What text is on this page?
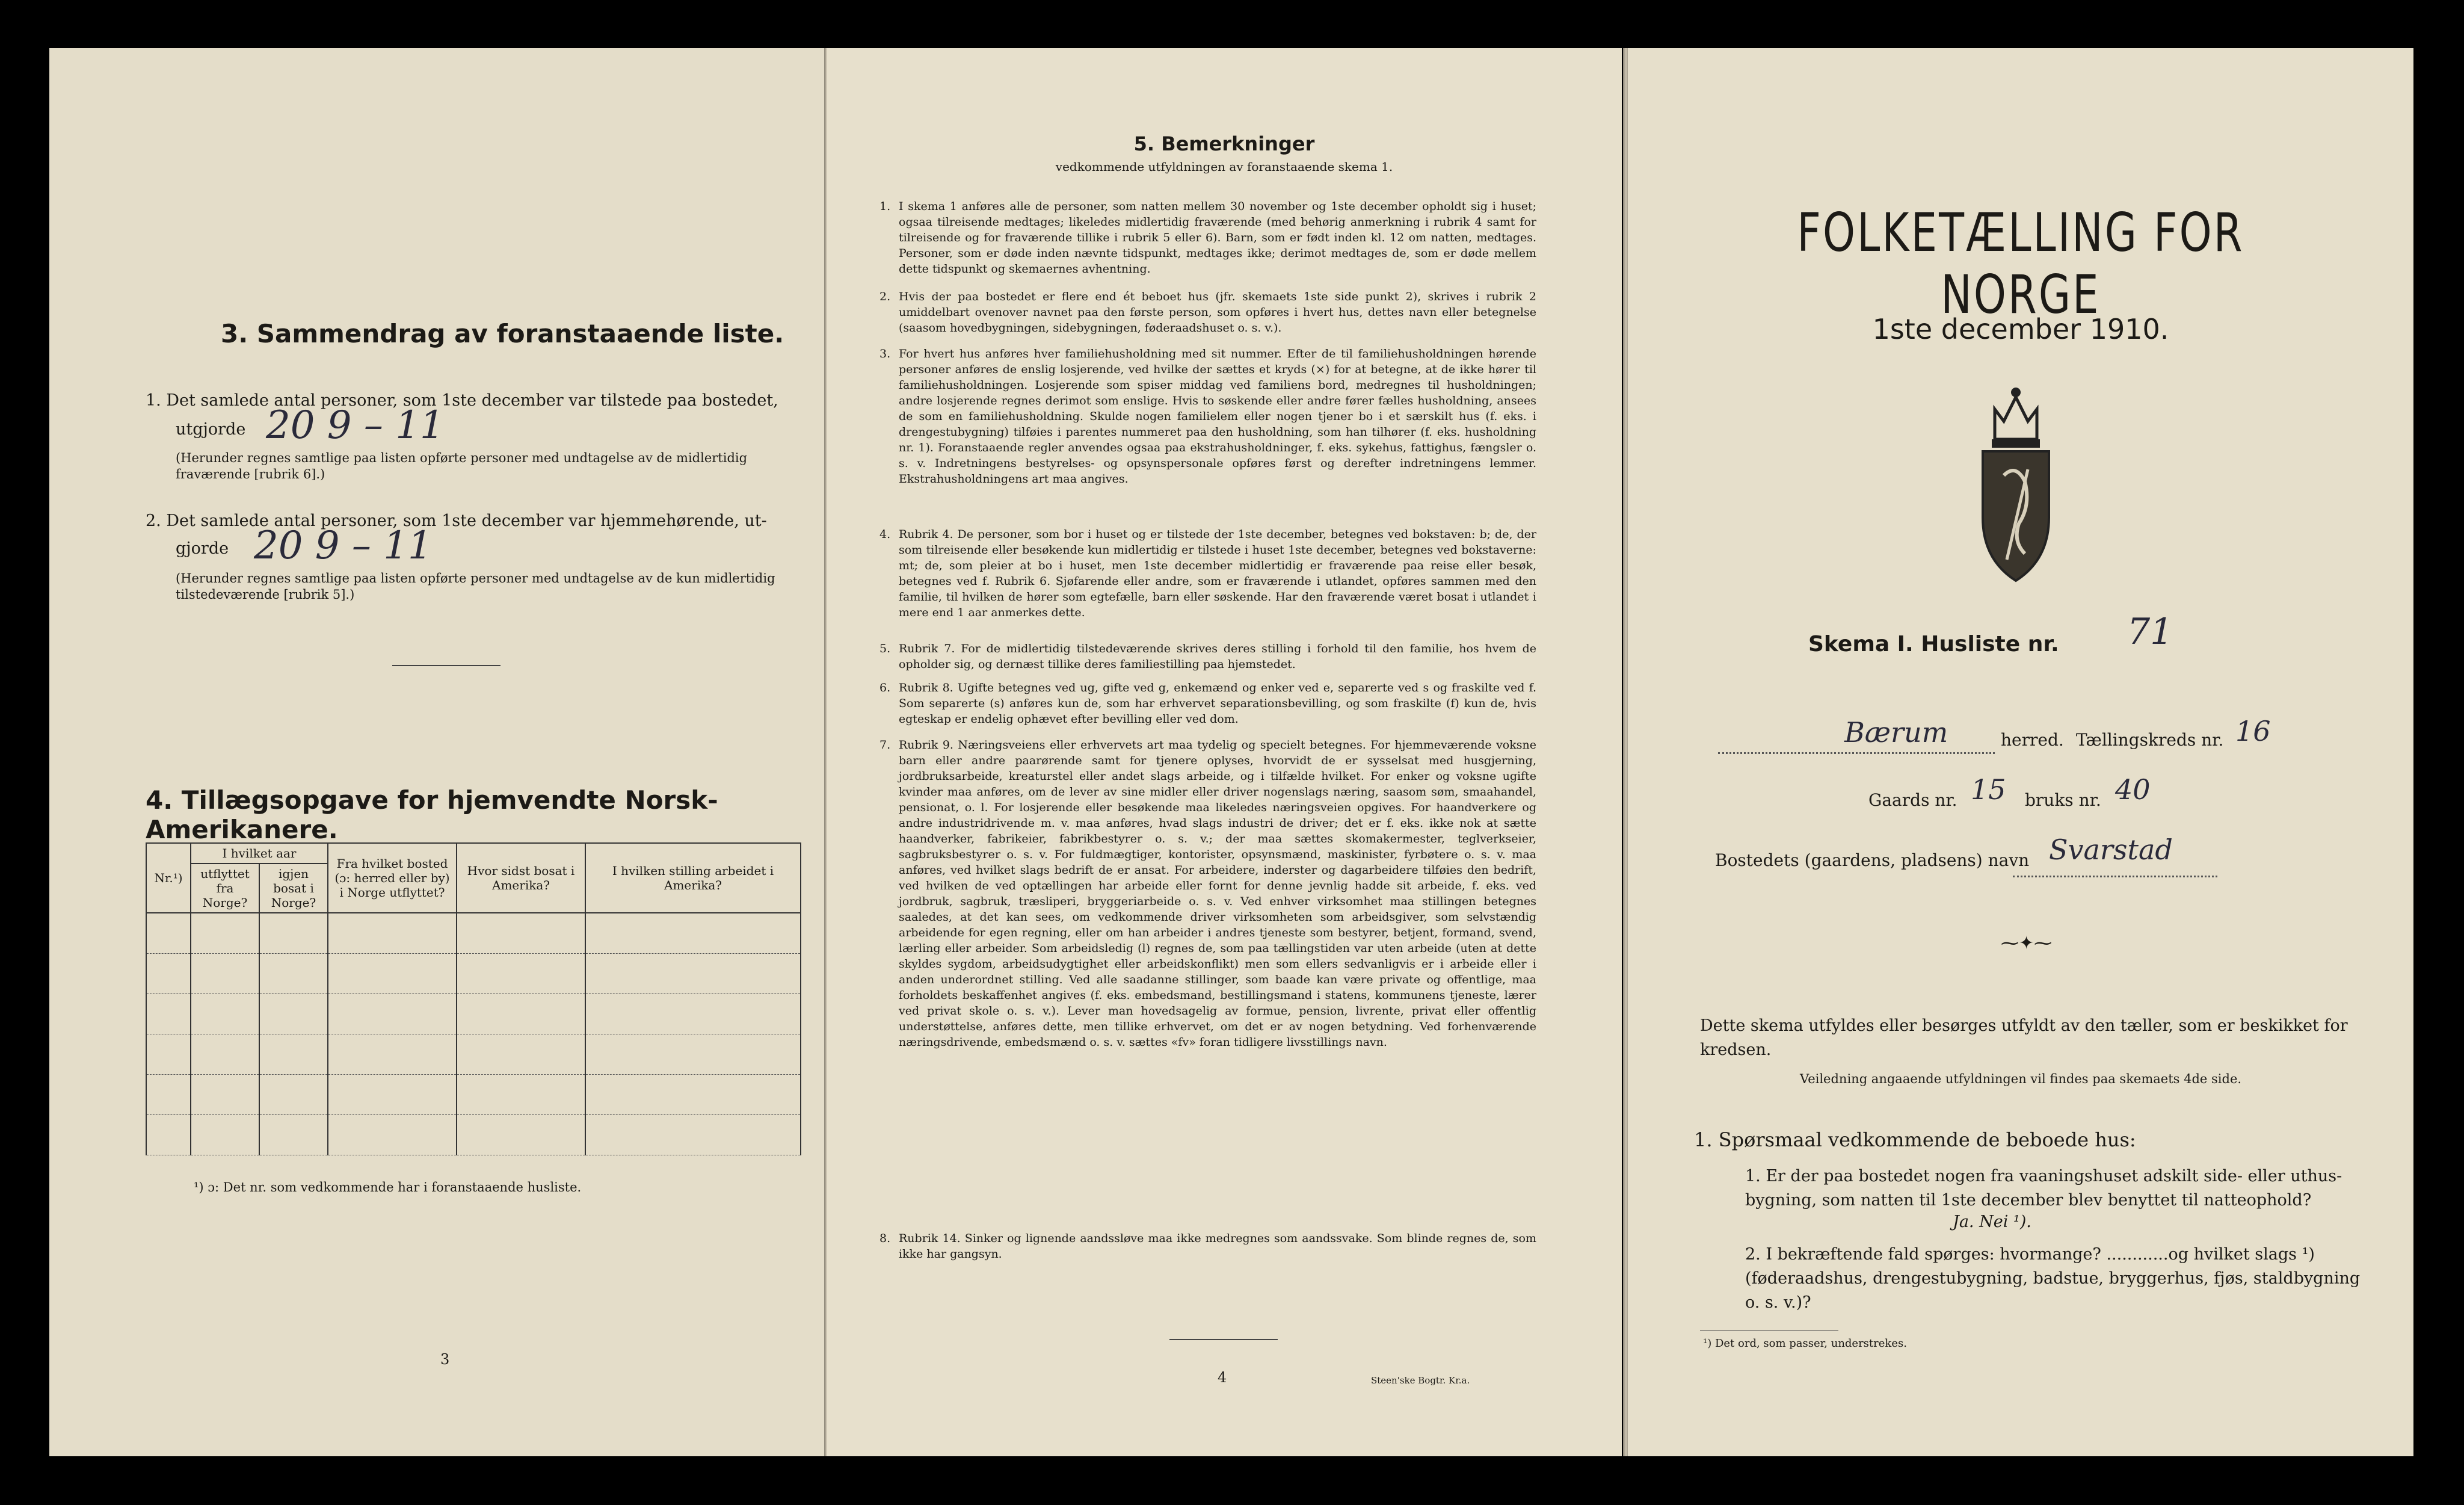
3. Sammendrag av foranstaaende liste.
1. Det samlede antal personer, som 1ste december var tilstede paa bostedet,
utgjorde 20 9 – 11
(Herunder regnes samtlige paa listen opførte personer med undtagelse av de midlertidig fraværende [rubrik 6].)
2. Det samlede antal personer, som 1ste december var hjemmehørende, ut-
gjorde 20 9 – 11
(Herunder regnes samtlige paa listen opførte personer med undtagelse av de kun midlertidig tilstedeværende [rubrik 5].)
4. Tillægsopgave for hjemvendte Norsk-Amerikanere.
Nr.¹)	I hvilket aar		Fra hvilket bosted (ɔ: herred eller by) i Norge utflyttet?	Hvor sidst bosat i Amerika?	I hvilken stilling arbeidet i Amerika?
	utflyttet fra Norge?	igjen bosat i Norge?			

¹) ɔ: Det nr. som vedkommende har i foranstaaende husliste.
3
5. Bemerkninger
vedkommende utfyldningen av foranstaaende skema 1.
1. I skema 1 anføres alle de personer, som natten mellem 30 november og 1ste december opholdt sig i huset; ogsaa tilreisende medtages; likeledes midlertidig fraværende (med behørig anmerkning i rubrik 4 samt for tilreisende og for fraværende tillike i rubrik 5 eller 6). Barn, som er født inden kl. 12 om natten, medtages. Personer, som er døde inden nævnte tidspunkt, medtages ikke; derimot medtages de, som er døde mellem dette tidspunkt og skemaernes avhentning.
2. Hvis der paa bostedet er flere end ét beboet hus (jfr. skemaets 1ste side punkt 2), skrives i rubrik 2 umiddelbart ovenover navnet paa den første person, som opføres i hvert hus, dettes navn eller betegnelse (saasom hovedbygningen, sidebygningen, føderaadshuset o. s. v.).
3. For hvert hus anføres hver familiehusholdning med sit nummer. Efter de til familiehusholdningen hørende personer anføres de enslig losjerende, ved hvilke der sættes et kryds (×) for at betegne, at de ikke hører til familiehusholdningen. Losjerende som spiser middag ved familiens bord, medregnes til husholdningen; andre losjerende regnes derimot som enslige. Hvis to søskende eller andre fører fælles husholdning, ansees de som en familiehusholdning. Skulde nogen familielem eller nogen tjener bo i et særskilt hus (f. eks. i drengestubygning) tilføies i parentes nummeret paa den husholdning, som han tilhører (f. eks. husholdning nr. 1). Foranstaaende regler anvendes ogsaa paa ekstrahusholdninger, f. eks. sykehus, fattighus, fængsler o. s. v. Indretningens bestyrelses- og opsynspersonale opføres først og derefter indretningens lemmer. Ekstrahusholdningens art maa angives.
4. Rubrik 4. De personer, som bor i huset og er tilstede der 1ste december, betegnes ved bokstaven: b; de, der som tilreisende eller besøkende kun midlertidig er tilstede i huset 1ste december, betegnes ved bokstaverne: mt; de, som pleier at bo i huset, men 1ste december midlertidig er fraværende paa reise eller besøk, betegnes ved f. Rubrik 6. Sjøfarende eller andre, som er fraværende i utlandet, opføres sammen med den familie, til hvilken de hører som egtefælle, barn eller søskende. Har den fraværende været bosat i utlandet i mere end 1 aar anmerkes dette.
5. Rubrik 7. For de midlertidig tilstedeværende skrives deres stilling i forhold til den familie, hos hvem de opholder sig, og dernæst tillike deres familiestilling paa hjemstedet.
6. Rubrik 8. Ugifte betegnes ved ug, gifte ved g, enkemænd og enker ved e, separerte ved s og fraskilte ved f. Som separerte (s) anføres kun de, som har erhvervet separationsbevilling, og som fraskilte (f) kun de, hvis egteskap er endelig ophævet efter bevilling eller ved dom.
7. Rubrik 9. Næringsveiens eller erhvervets art maa tydelig og specielt betegnes. For hjemmeværende voksne barn eller andre paarørende samt for tjenere oplyses, hvorvidt de er sysselsat med husgjerning, jordbruksarbeide, kreaturstel eller andet slags arbeide, og i tilfælde hvilket. For enker og voksne ugifte kvinder maa anføres, om de lever av sine midler eller driver nogenslags næring, saasom søm, smaahandel, pensionat, o. l. For losjerende eller besøkende maa likeledes næringsveien opgives. For haandverkere og andre industridrivende m. v. maa anføres, hvad slags industri de driver; det er f. eks. ikke nok at sætte haandverker, fabrikeier, fabrikbestyrer o. s. v.; der maa sættes skomakermester, teglverkseier, sagbruksbestyrer o. s. v. For fuldmægtiger, kontorister, opsynsmænd, maskinister, fyrbøtere o. s. v. maa anføres, ved hvilket slags bedrift de er ansat. For arbeidere, inderster og dagarbeidere tilføies den bedrift, ved hvilken de ved optællingen har arbeide eller fornt for denne jevnlig hadde sit arbeide, f. eks. ved jordbruk, sagbruk, træsliperi, bryggeriarbeide o. s. v. Ved enhver virksomhet maa stillingen betegnes saaledes, at det kan sees, om vedkommende driver virksomheten som arbeidsgiver, som selvstændig arbeidende for egen regning, eller om han arbeider i andres tjeneste som bestyrer, betjent, formand, svend, lærling eller arbeider. Som arbeidsledig (l) regnes de, som paa tællingstiden var uten arbeide (uten at dette skyldes sygdom, arbeidsudygtighet eller arbeidskonflikt) men som ellers sedvanligvis er i arbeide eller i anden underordnet stilling. Ved alle saadanne stillinger, som baade kan være private og offentlige, maa forholdets beskaffenhet angives (f. eks. embedsmand, bestillingsmand i statens, kommunens tjeneste, lærer ved privat skole o. s. v.). Lever man hovedsagelig av formue, pension, livrente, privat eller offentlig understøttelse, anføres dette, men tillike erhvervet, om det er av nogen betydning. Ved forhenværende næringsdrivende, embedsmænd o. s. v. sættes «fv» foran tidligere livsstillings navn.
8. Rubrik 14. Sinker og lignende aandssløve maa ikke medregnes som aandssvake. Som blinde regnes de, som ikke har gangsyn.
4	Steen'ske Bogtr. Kr.a.
FOLKETÆLLING FOR NORGE
1ste december 1910.
Skema I. Husliste nr. 71
Bærum	herred. Tællingskreds nr. 16
Gaards nr. 15 bruks nr. 40
Bostedets (gaardens, pladsens) navn Svarstad
⁓✦⁓
Dette skema utfyldes eller besørges utfyldt av den tæller, som er beskikket for kredsen.
Veiledning angaaende utfyldningen vil findes paa skemaets 4de side.
1. Spørsmaal vedkommende de beboede hus:
1. Er der paa bostedet nogen fra vaaningshuset adskilt side- eller uthus-bygning, som natten til 1ste december blev benyttet til natteophold?
Ja. Nei ¹).
2. I bekræftende fald spørges: hvormange? ............og hvilket slags ¹) (føderaadshus, drengestubygning, badstue, bryggerhus, fjøs, staldbygning o. s. v.)?
¹) Det ord, som passer, understrekes.
